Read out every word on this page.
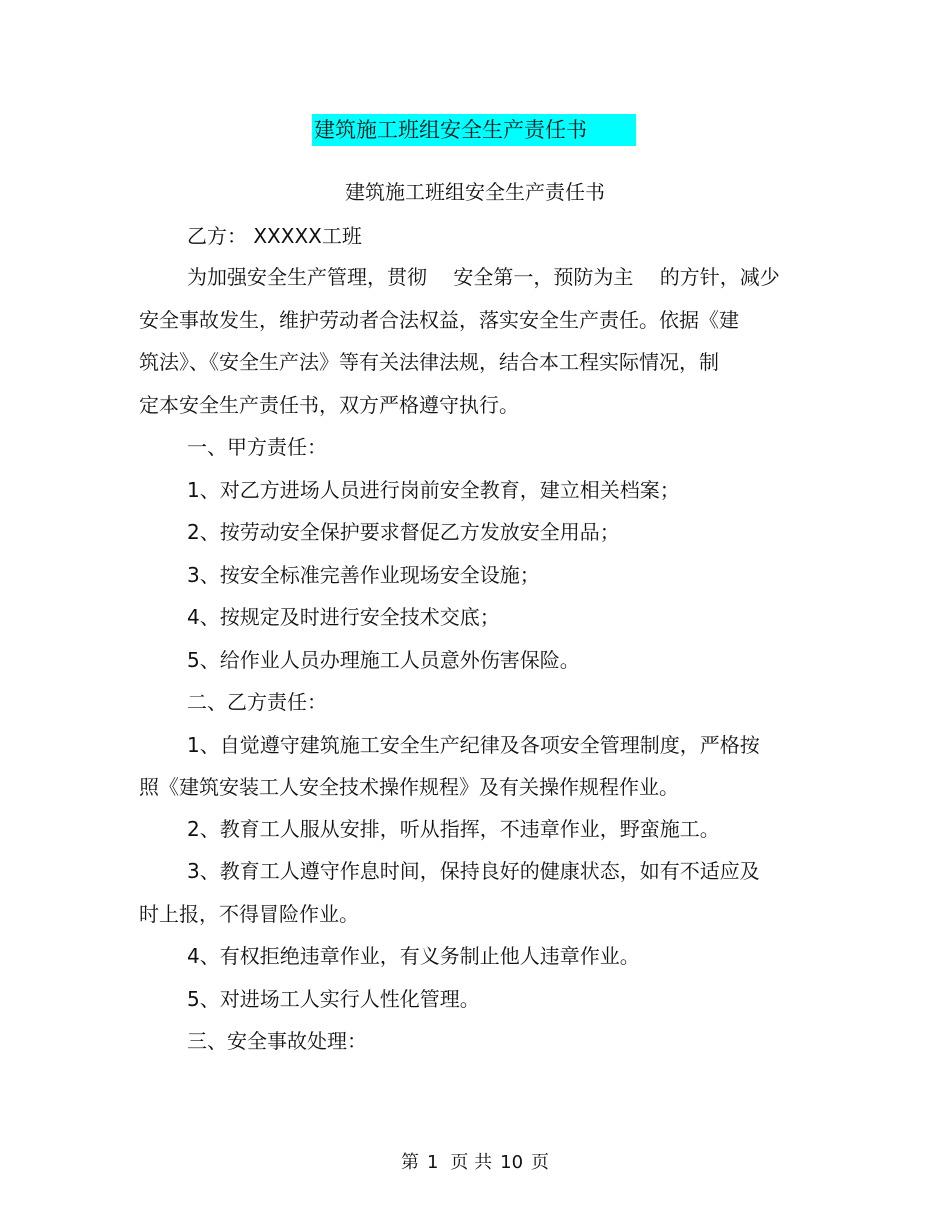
建筑施工班组安全生产责任书
建筑施工班组安全生产责任书
乙方： XXXXX工班
为加强安全生产管理，贯彻　 安全第一，预防为主　 的方针，减少
安全事故发生，维护劳动者合法权益，落实安全生产责任。依据《建
筑法》、《安全生产法》等有关法律法规，结合本工程实际情况，制
定本安全生产责任书，双方严格遵守执行。
一、甲方责任：
1、对乙方进场人员进行岗前安全教育，建立相关档案；
2、按劳动安全保护要求督促乙方发放安全用品；
3、按安全标准完善作业现场安全设施；
4、按规定及时进行安全技术交底；
5、给作业人员办理施工人员意外伤害保险。
二、乙方责任：
1、自觉遵守建筑施工安全生产纪律及各项安全管理制度，严格按
照《建筑安装工人安全技术操作规程》及有关操作规程作业。
2、教育工人服从安排，听从指挥，不违章作业，野蛮施工。
3、教育工人遵守作息时间，保持良好的健康状态，如有不适应及
时上报，不得冒险作业。
4、有权拒绝违章作业，有义务制止他人违章作业。
5、对进场工人实行人性化管理。
三、安全事故处理：
第 1 页 共 10 页
